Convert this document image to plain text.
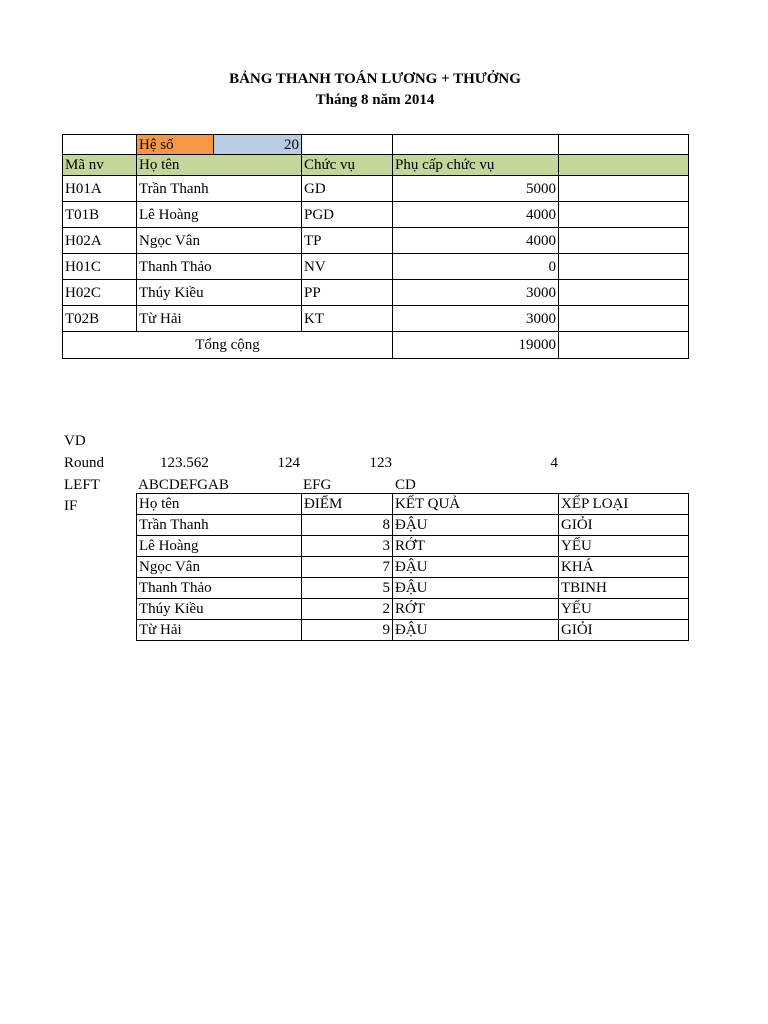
BẢNG THANH TOÁN LƯƠNG + THƯỞNG
Tháng 8 năm 2014
	Hệ số	20			
Mã nv	Họ tên		Chức vụ	Phụ cấp chức vụ	
H01A	Trần Thanh		GD	5000	
T01B	Lê Hoàng		PGD	4000	
H02A	Ngọc Vân		TP	4000	
H01C	Thanh Thảo		NV	0	
H02C	Thúy Kiều		PP	3000	
T02B	Từ Hải		KT	3000	
Tổng cộng				19000	
VD
Round	123.562	124	123	4
LEFT	ABCDEFGAB	EFG	CD
IF	Họ tên	ĐIỂM	KẾT QUẢ	XẾP LOẠI
Trần Thanh	8	ĐẬU	GIỎI
Lê Hoàng	3	RỚT	YẾU
Ngọc Vân	7	ĐẬU	KHÁ
Thanh Thảo	5	ĐẬU	TBINH
Thúy Kiều	2	RỚT	YẾU
Từ Hải	9	ĐẬU	GIỎI
